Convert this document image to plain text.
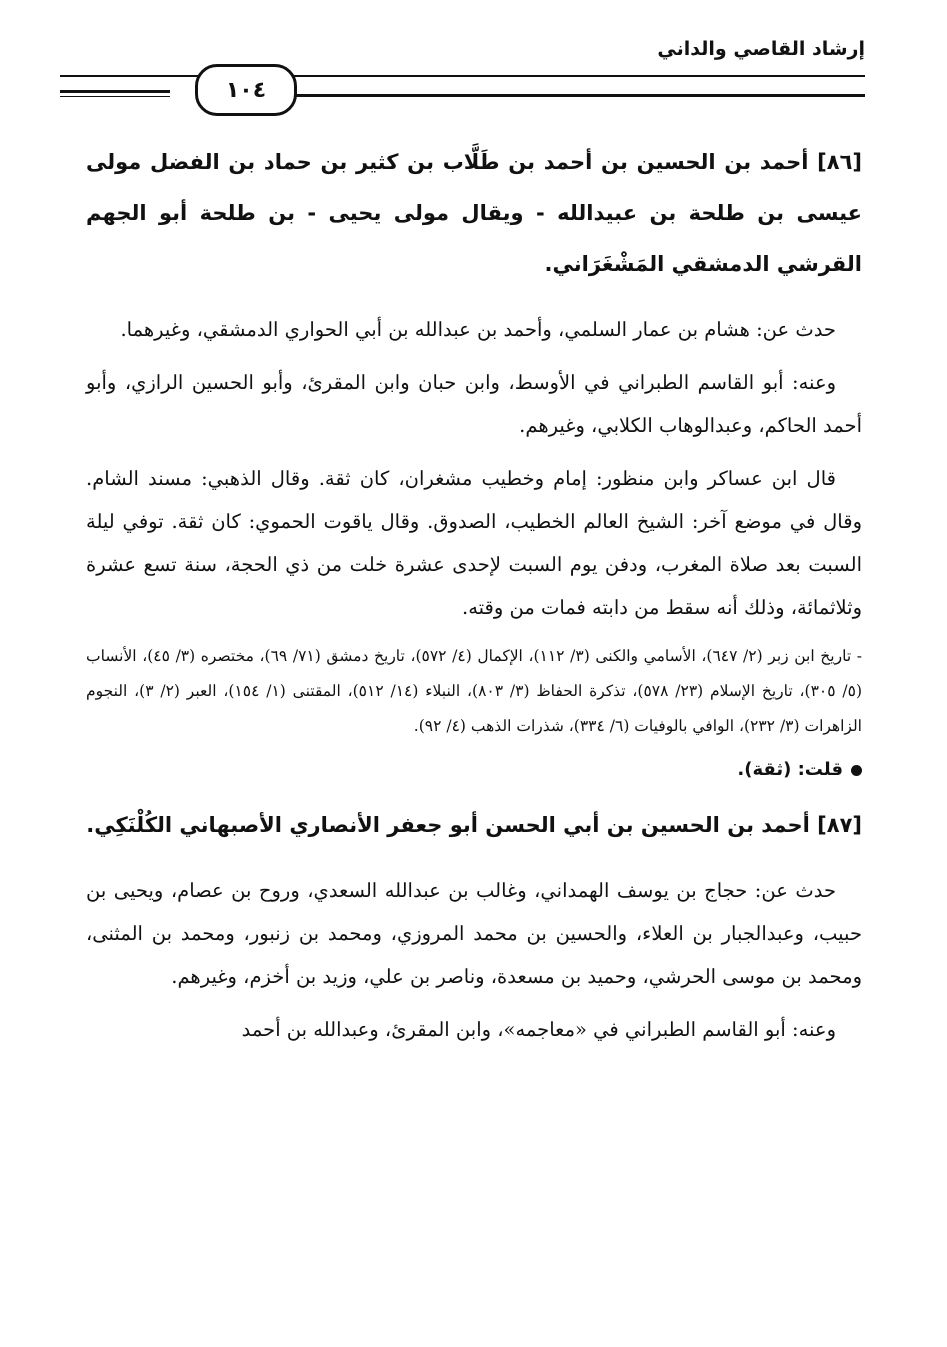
إرشاد القاصي والداني
١٠٤

[٨٦] أحمد بن الحسين بن أحمد بن طَلَّاب بن كثير بن حماد بن الفضل مولى عيسى بن طلحة بن عبيدالله - ويقال مولى يحيى - بن طلحة أبو الجهم القرشي الدمشقي المَشْغَرَاني.

حدث عن: هشام بن عمار السلمي، وأحمد بن عبدالله بن أبي الحواري الدمشقي، وغيرهما.

وعنه: أبو القاسم الطبراني في الأوسط، وابن حبان وابن المقرئ، وأبو الحسين الرازي، وأبو أحمد الحاكم، وعبدالوهاب الكلابي، وغيرهم.

قال ابن عساكر وابن منظور: إمام وخطيب مشغران، كان ثقة. وقال الذهبي: مسند الشام. وقال في موضع آخر: الشيخ العالم الخطيب، الصدوق. وقال ياقوت الحموي: كان ثقة. توفي ليلة السبت بعد صلاة المغرب، ودفن يوم السبت لإحدى عشرة خلت من ذي الحجة، سنة تسع عشرة وثلاثمائة، وذلك أنه سقط من دابته فمات من وقته.

- تاريخ ابن زبر (٢/ ٦٤٧)، الأسامي والكنى (٣/ ١١٢)، الإكمال (٤/ ٥٧٢)، تاريخ دمشق (٧١/ ٦٩)، مختصره (٣/ ٤٥)، الأنساب (٥/ ٣٠٥)، تاريخ الإسلام (٢٣/ ٥٧٨)، تذكرة الحفاظ (٣/ ٨٠٣)، النبلاء (١٤/ ٥١٢)، المقتنى (١/ ١٥٤)، العبر (٢/ ٣)، النجوم الزاهرات (٣/ ٢٣٢)، الوافي بالوفيات (٦/ ٣٣٤)، شذرات الذهب (٤/ ٩٢).

قلت: (ثقة).

[٨٧] أحمد بن الحسين بن أبي الحسن أبو جعفر الأنصاري الأصبهاني الكُلْنَكِي.

حدث عن: حجاج بن يوسف الهمداني، وغالب بن عبدالله السعدي، وروح بن عصام، ويحيى بن حبيب، وعبدالجبار بن العلاء، والحسين بن محمد المروزي، ومحمد بن زنبور، ومحمد بن المثنى، ومحمد بن موسى الحرشي، وحميد بن مسعدة، وناصر بن علي، وزيد بن أخزم، وغيرهم.

وعنه: أبو القاسم الطبراني في «معاجمه»، وابن المقرئ، وعبدالله بن أحمد
